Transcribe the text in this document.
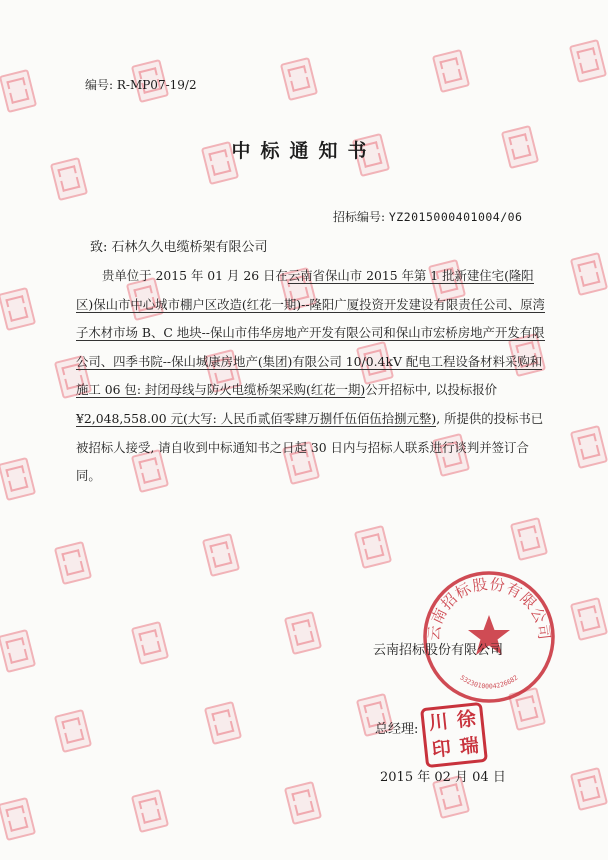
编号: R-MP07-19/2
中标通知书
招标编号: YZ2015000401004/06
致: 石林久久电缆桥架有限公司

贵单位于 2015 年 01 月 26 日在云南省保山市 2015 年第 1 批新建住宅(隆阳区)保山市中心城市棚户区改造(红花一期)--隆阳广厦投资开发建设有限责任公司、原湾子木材市场 B、C 地块--保山市伟华房地产开发有限公司和保山市宏桥房地产开发有限公司、四季书院--保山城康房地产(集团)有限公司 10/0.4kV 配电工程设备材料采购和施工 06 包: 封闭母线与防火电缆桥架采购(红花一期)公开招标中, 以投标报价¥2,048,558.00 元(大写: 人民币贰佰零肆万捌仟伍佰伍拾捌元整), 所提供的投标书已被招标人接受, 请自收到中标通知书之日起 30 日内与招标人联系进行谈判并签订合同。

云南招标股份有限公司
5323010004226682
云南招标股份有限公司
总经理: 川 徐
印 瑞
2015 年 02 月 04 日
